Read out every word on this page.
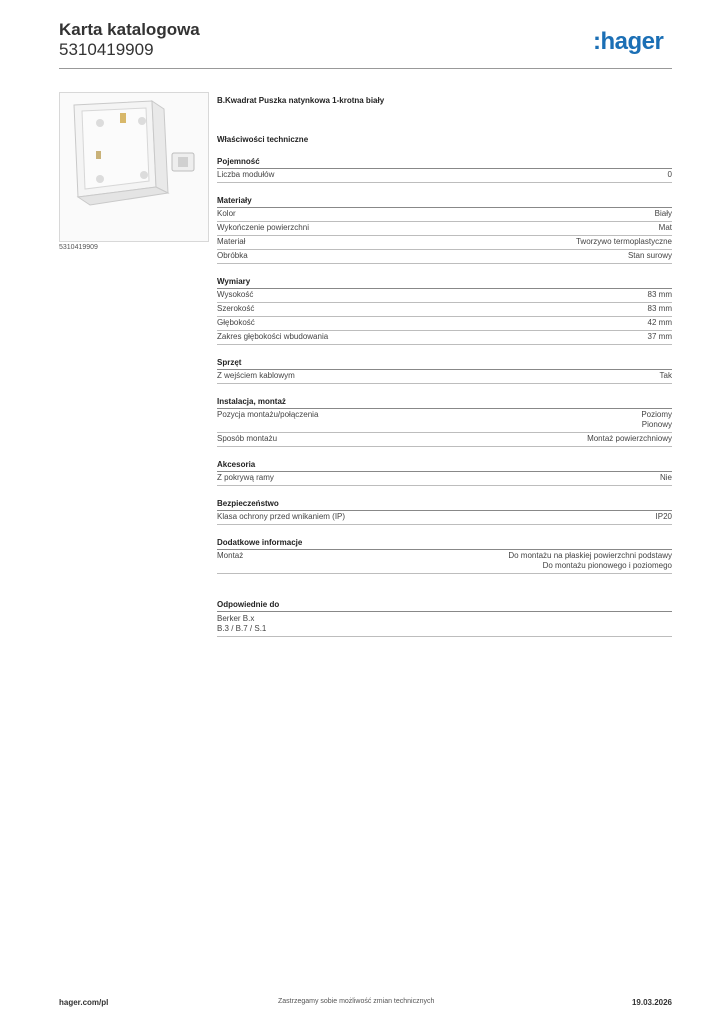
Karta katalogowa
5310419909	:hager
5310419909
B.Kwadrat Puszka natynkowa 1-krotna biały
Właściwości techniczne
Pojemność
Liczba modułów	0
Materiały
Kolor	Biały
Wykończenie powierzchni	Mat
Materiał	Tworzywo termoplastyczne
Obróbka	Stan surowy
Wymiary
Wysokość	83 mm
Szerokość	83 mm
Głębokość	42 mm
Zakres głębokości wbudowania	37 mm
Sprzęt
Z wejściem kablowym	Tak
Instalacja, montaż
Pozycja montażu/połączenia	Poziomy
Pionowy
Sposób montażu	Montaż powierzchniowy
Akcesoria
Z pokrywą ramy	Nie
Bezpieczeństwo
Klasa ochrony przed wnikaniem (IP)	IP20
Dodatkowe informacje
Montaż	Do montażu na płaskiej powierzchni podstawy
Do montażu pionowego i poziomego
Odpowiednie do
Berker B.x
B.3 / B.7 / S.1
hager.com/pl	Zastrzegamy sobie możliwość zmian technicznych	19.03.2026
